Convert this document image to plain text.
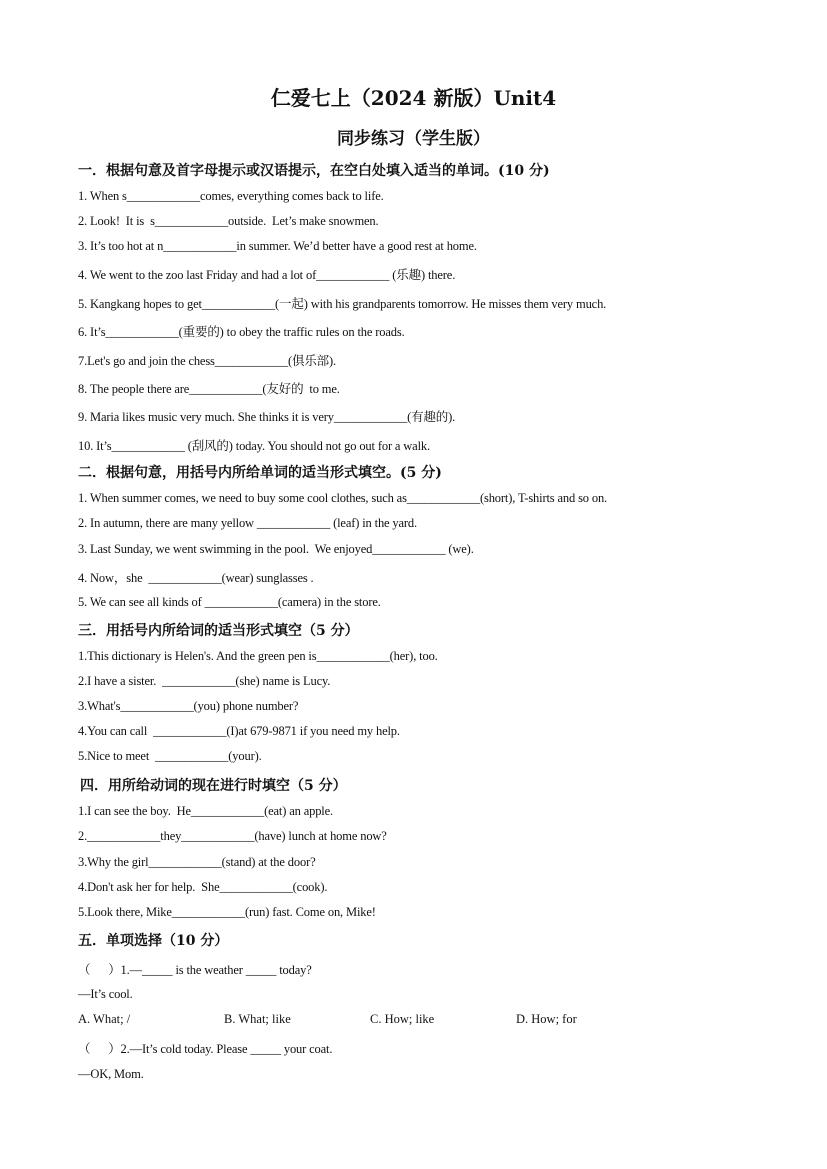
仁爱七上（2024 新版）Unit4
同步练习（学生版）
一．根据句意及首字母提示或汉语提示，在空白处填入适当的单词。(10 分)
1. When s____________comes, everything comes back to life.
2. Look!  It is  s____________outside.  Let’s make snowmen.
3. It’s too hot at n____________in summer. We’d better have a good rest at home.
4. We went to the zoo last Friday and had a lot of____________ (乐趣) there.
5. Kangkang hopes to get____________(一起) with his grandparents tomorrow. He misses them very much.
6. It’s____________(重要的) to obey the traffic rules on the roads.
7.Let's go and join the chess____________(俱乐部).
8. The people there are____________(友好的  to me.
9. Maria likes music very much. She thinks it is very____________(有趣的).
10. It’s____________ (刮风的) today. You should not go out for a walk.
二．根据句意，用括号内所给单词的适当形式填空。(5 分)
1. When summer comes, we need to buy some cool clothes, such as____________(short), T-shirts and so on.
2. In autumn, there are many yellow ____________ (leaf) in the yard.
3. Last Sunday, we went swimming in the pool.  We enjoyed____________ (we).
4. Now，she  ____________(wear) sunglasses .
5. We can see all kinds of ____________(camera) in the store.
三．用括号内所给词的适当形式填空（5 分）
1.This dictionary is Helen's. And the green pen is____________(her), too.
2.I have a sister.  ____________(she) name is Lucy.
3.What's____________(you) phone number?
4.You can call  ____________(I)at 679-9871 if you need my help.
5.Nice to meet  ____________(your).
四．用所给动词的现在进行时填空（5 分）
1.I can see the boy.  He____________(eat) an apple.
2.____________they____________(have) lunch at home now?
3.Why the girl____________(stand) at the door?
4.Don't ask her for help.  She____________(cook).
5.Look there, Mike____________(run) fast. Come on, Mike!
五．单项选择（10 分）
（      ）1.—_____ is the weather _____ today?
—It’s cool.
A. What; /	B. What; like	C. How; like	D. How; for
（      ）2.—It’s cold today. Please _____ your coat.
—OK, Mom.
